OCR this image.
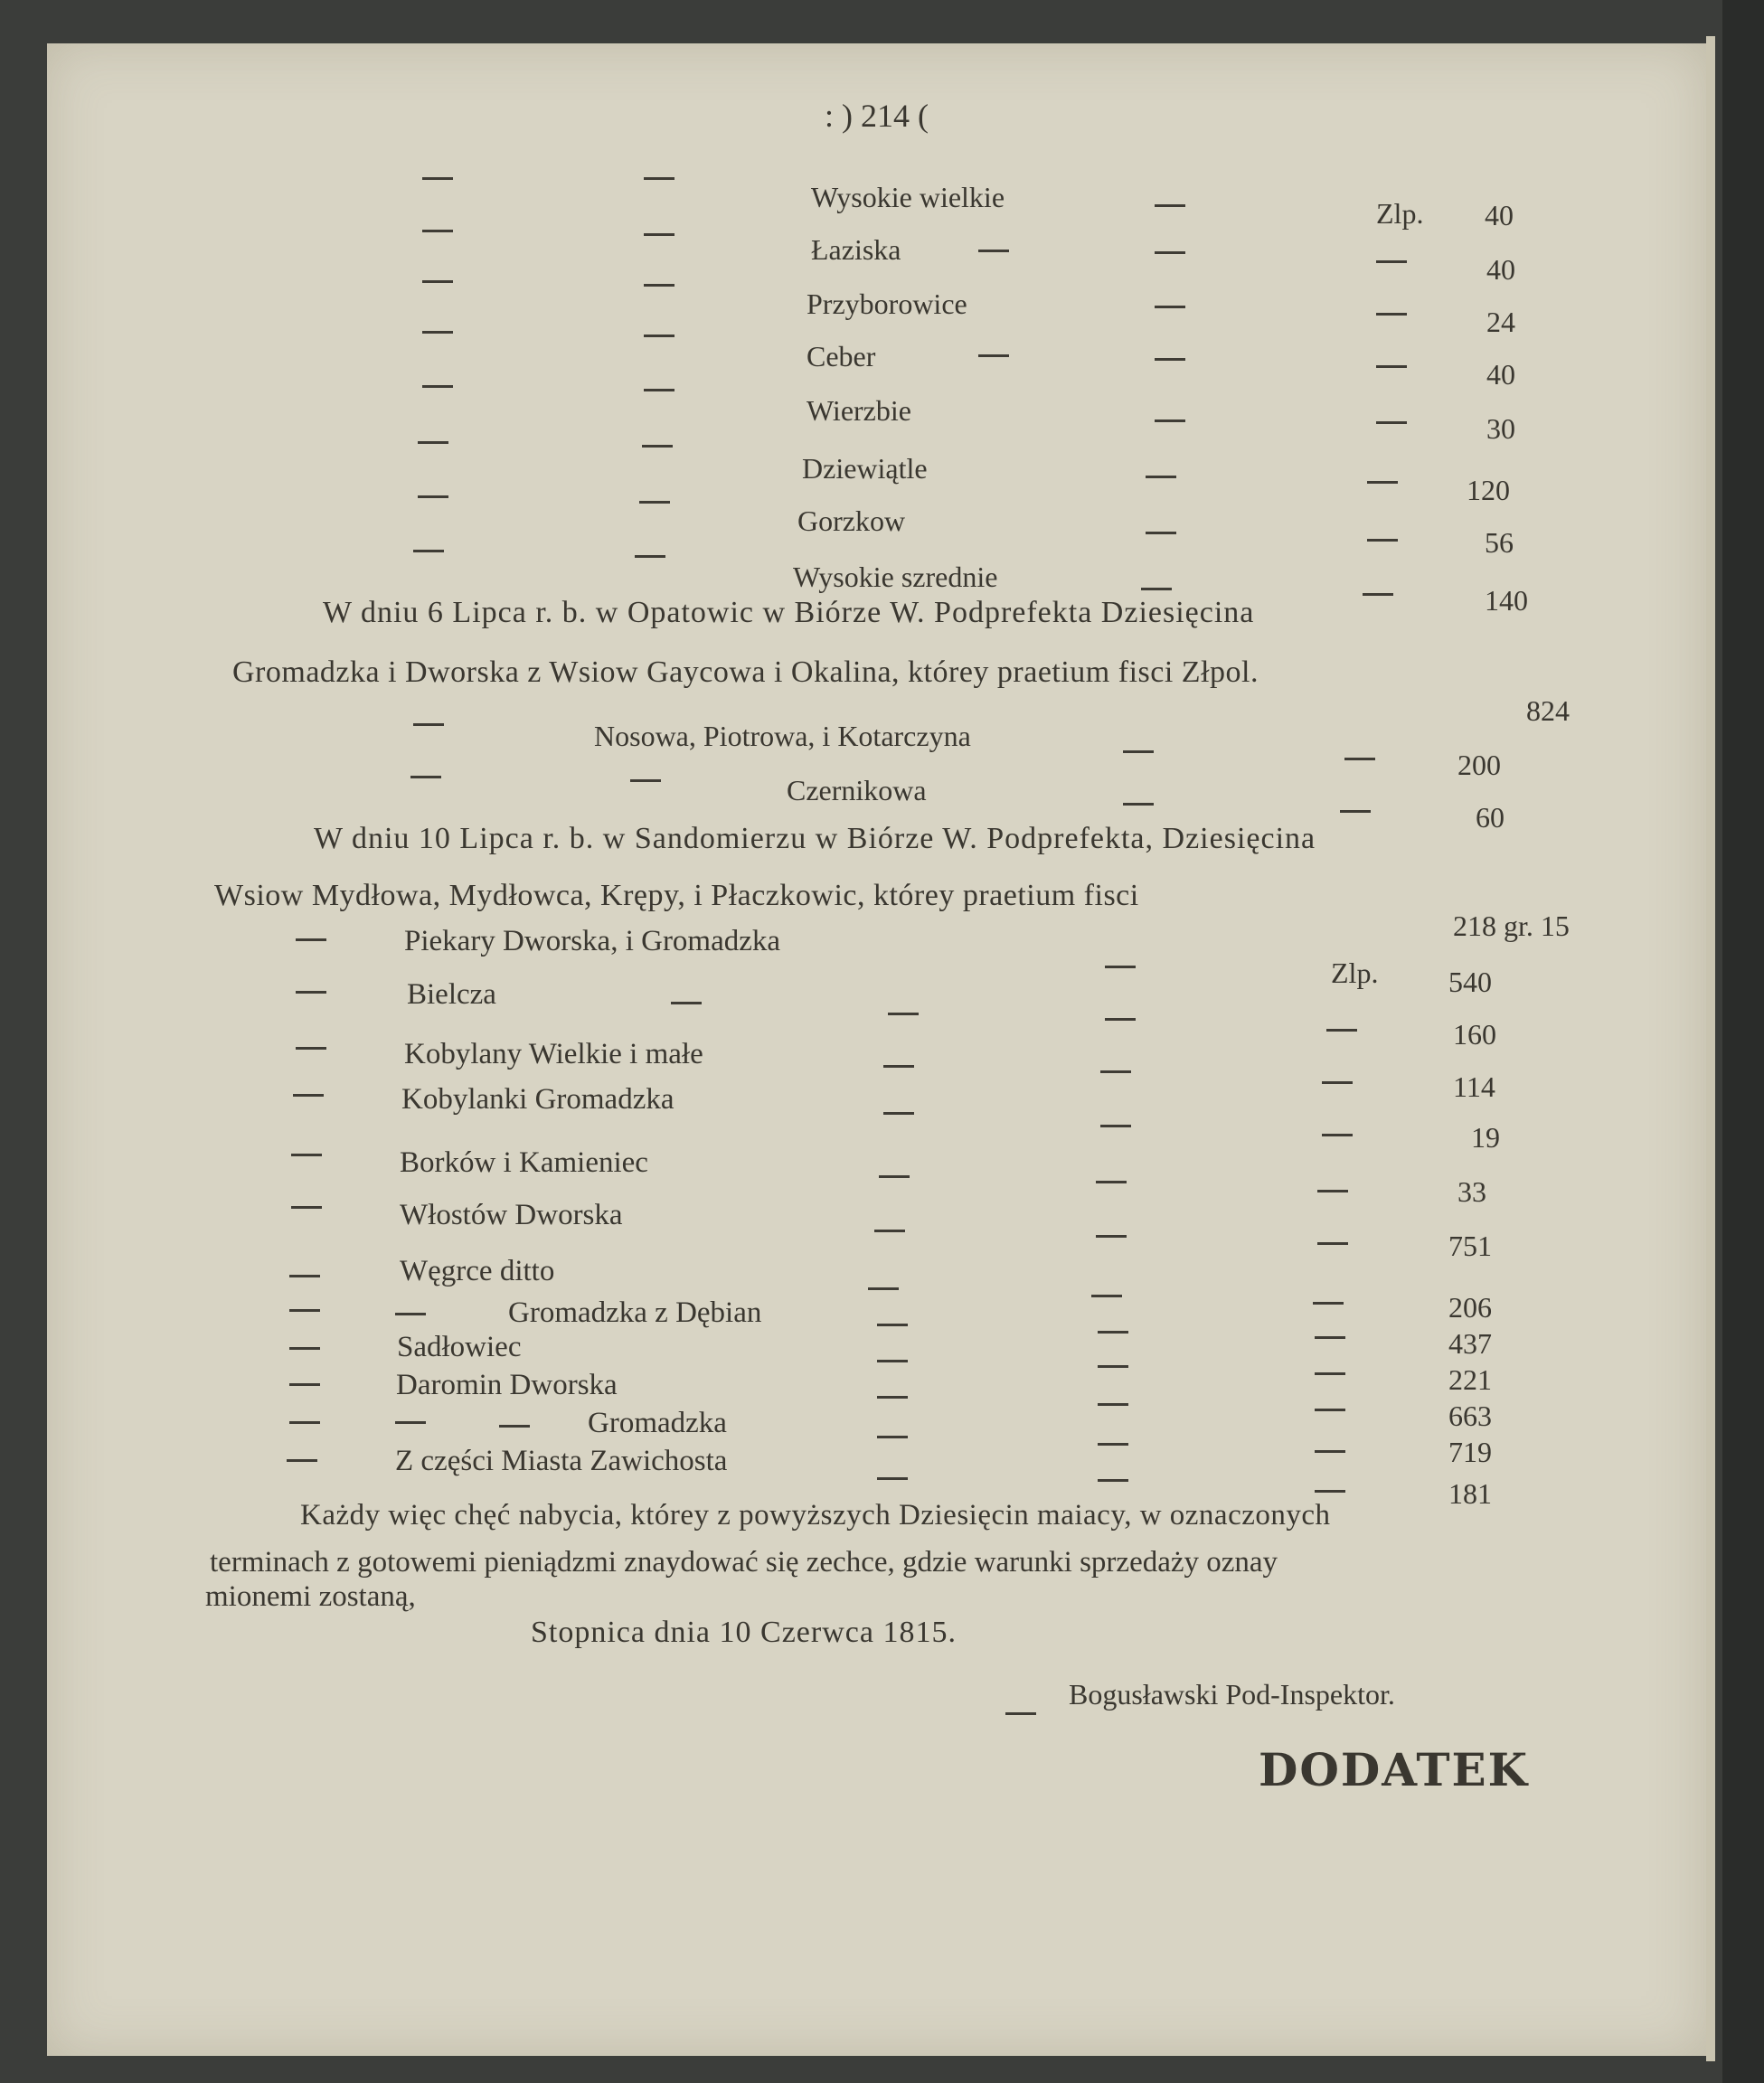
: ) 214 (
Wysokie wielkie	Zlp. 40
Łaziska
40
Przyborowice
24
Ceber
40
Wierzbie
30
Dziewiątle
120
Gorzkow
56
Wysokie szrednie
140
W dniu 6 Lipca r. b. w Opatowic w Biórze W. Podprefekta Dziesięcina
Gromadzka i Dworska z Wsiow Gaycowa i Okalina, którey praetium fisci Złpol.
824
Nosowa, Piotrowa, i Kotarczyna
200
Czernikowa
60
W dniu 10 Lipca r. b. w Sandomierzu w Biórze W. Podprefekta, Dziesięcina
Wsiow Mydłowa, Mydłowca, Krępy, i Płaczkowic, którey praetium fisci
218 gr. 15
Piekary Dworska, i Gromadzka
Zlp. 540
Bielcza
160
Kobylany Wielkie i małe
114
Kobylanki Gromadzka
19
Borków i Kamieniec
33
Włostów Dworska
751
Węgrce ditto
206
Gromadzka z Dębian
437
Sadłowiec
221
Daromin Dworska
663
Gromadzka
719
Z części Miasta Zawichosta
181
Każdy więc chęć nabycia, którey z powyższych Dziesięcin maiacy, w oznaczonych
terminach z gotowemi pieniądzmi znaydować się zechce, gdzie warunki sprzedaży oznay
mionemi zostaną,
Stopnica dnia 10 Czerwca 1815.
Bogusławski Pod-Inspektor.
DODATEK
